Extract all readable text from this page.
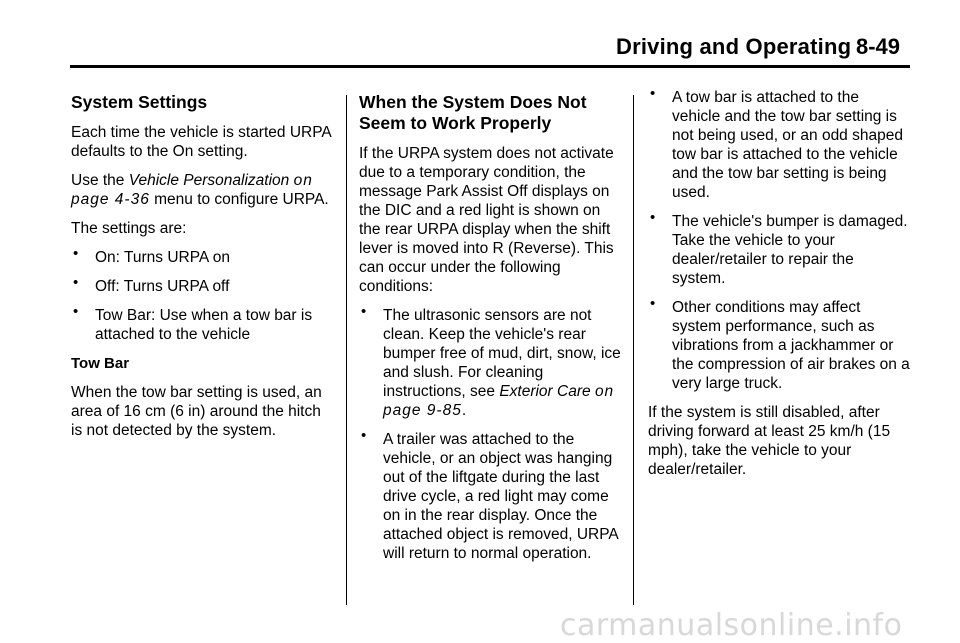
Driving and Operating 8-49
System Settings

Each time the vehicle is started URPA defaults to the On setting.

Use the Vehicle Personalization on page 4-36 menu to configure URPA.

The settings are:

• On: Turns URPA on
• Off: Turns URPA off
• Tow Bar: Use when a tow bar is attached to the vehicle
Tow Bar

When the tow bar setting is used, an area of 16 cm (6 in) around the hitch is not detected by the system.

When the System Does Not Seem to Work Properly

If the URPA system does not activate due to a temporary condition, the message Park Assist Off displays on the DIC and a red light is shown on the rear URPA display when the shift lever is moved into R (Reverse). This can occur under the following conditions:

• The ultrasonic sensors are not clean. Keep the vehicle's rear bumper free of mud, dirt, snow, ice and slush. For cleaning instructions, see Exterior Care on page 9-85.
• A trailer was attached to the vehicle, or an object was hanging out of the liftgate during the last drive cycle, a red light may come on in the rear display. Once the attached object is removed, URPA will return to normal operation.
• A tow bar is attached to the vehicle and the tow bar setting is not being used, or an odd shaped tow bar is attached to the vehicle and the tow bar setting is being used.
• The vehicle's bumper is damaged. Take the vehicle to your dealer/retailer to repair the system.
• Other conditions may affect system performance, such as vibrations from a jackhammer or the compression of air brakes on a very large truck.

If the system is still disabled, after driving forward at least 25 km/h (15 mph), take the vehicle to your dealer/retailer.

carmanualsonline.info
